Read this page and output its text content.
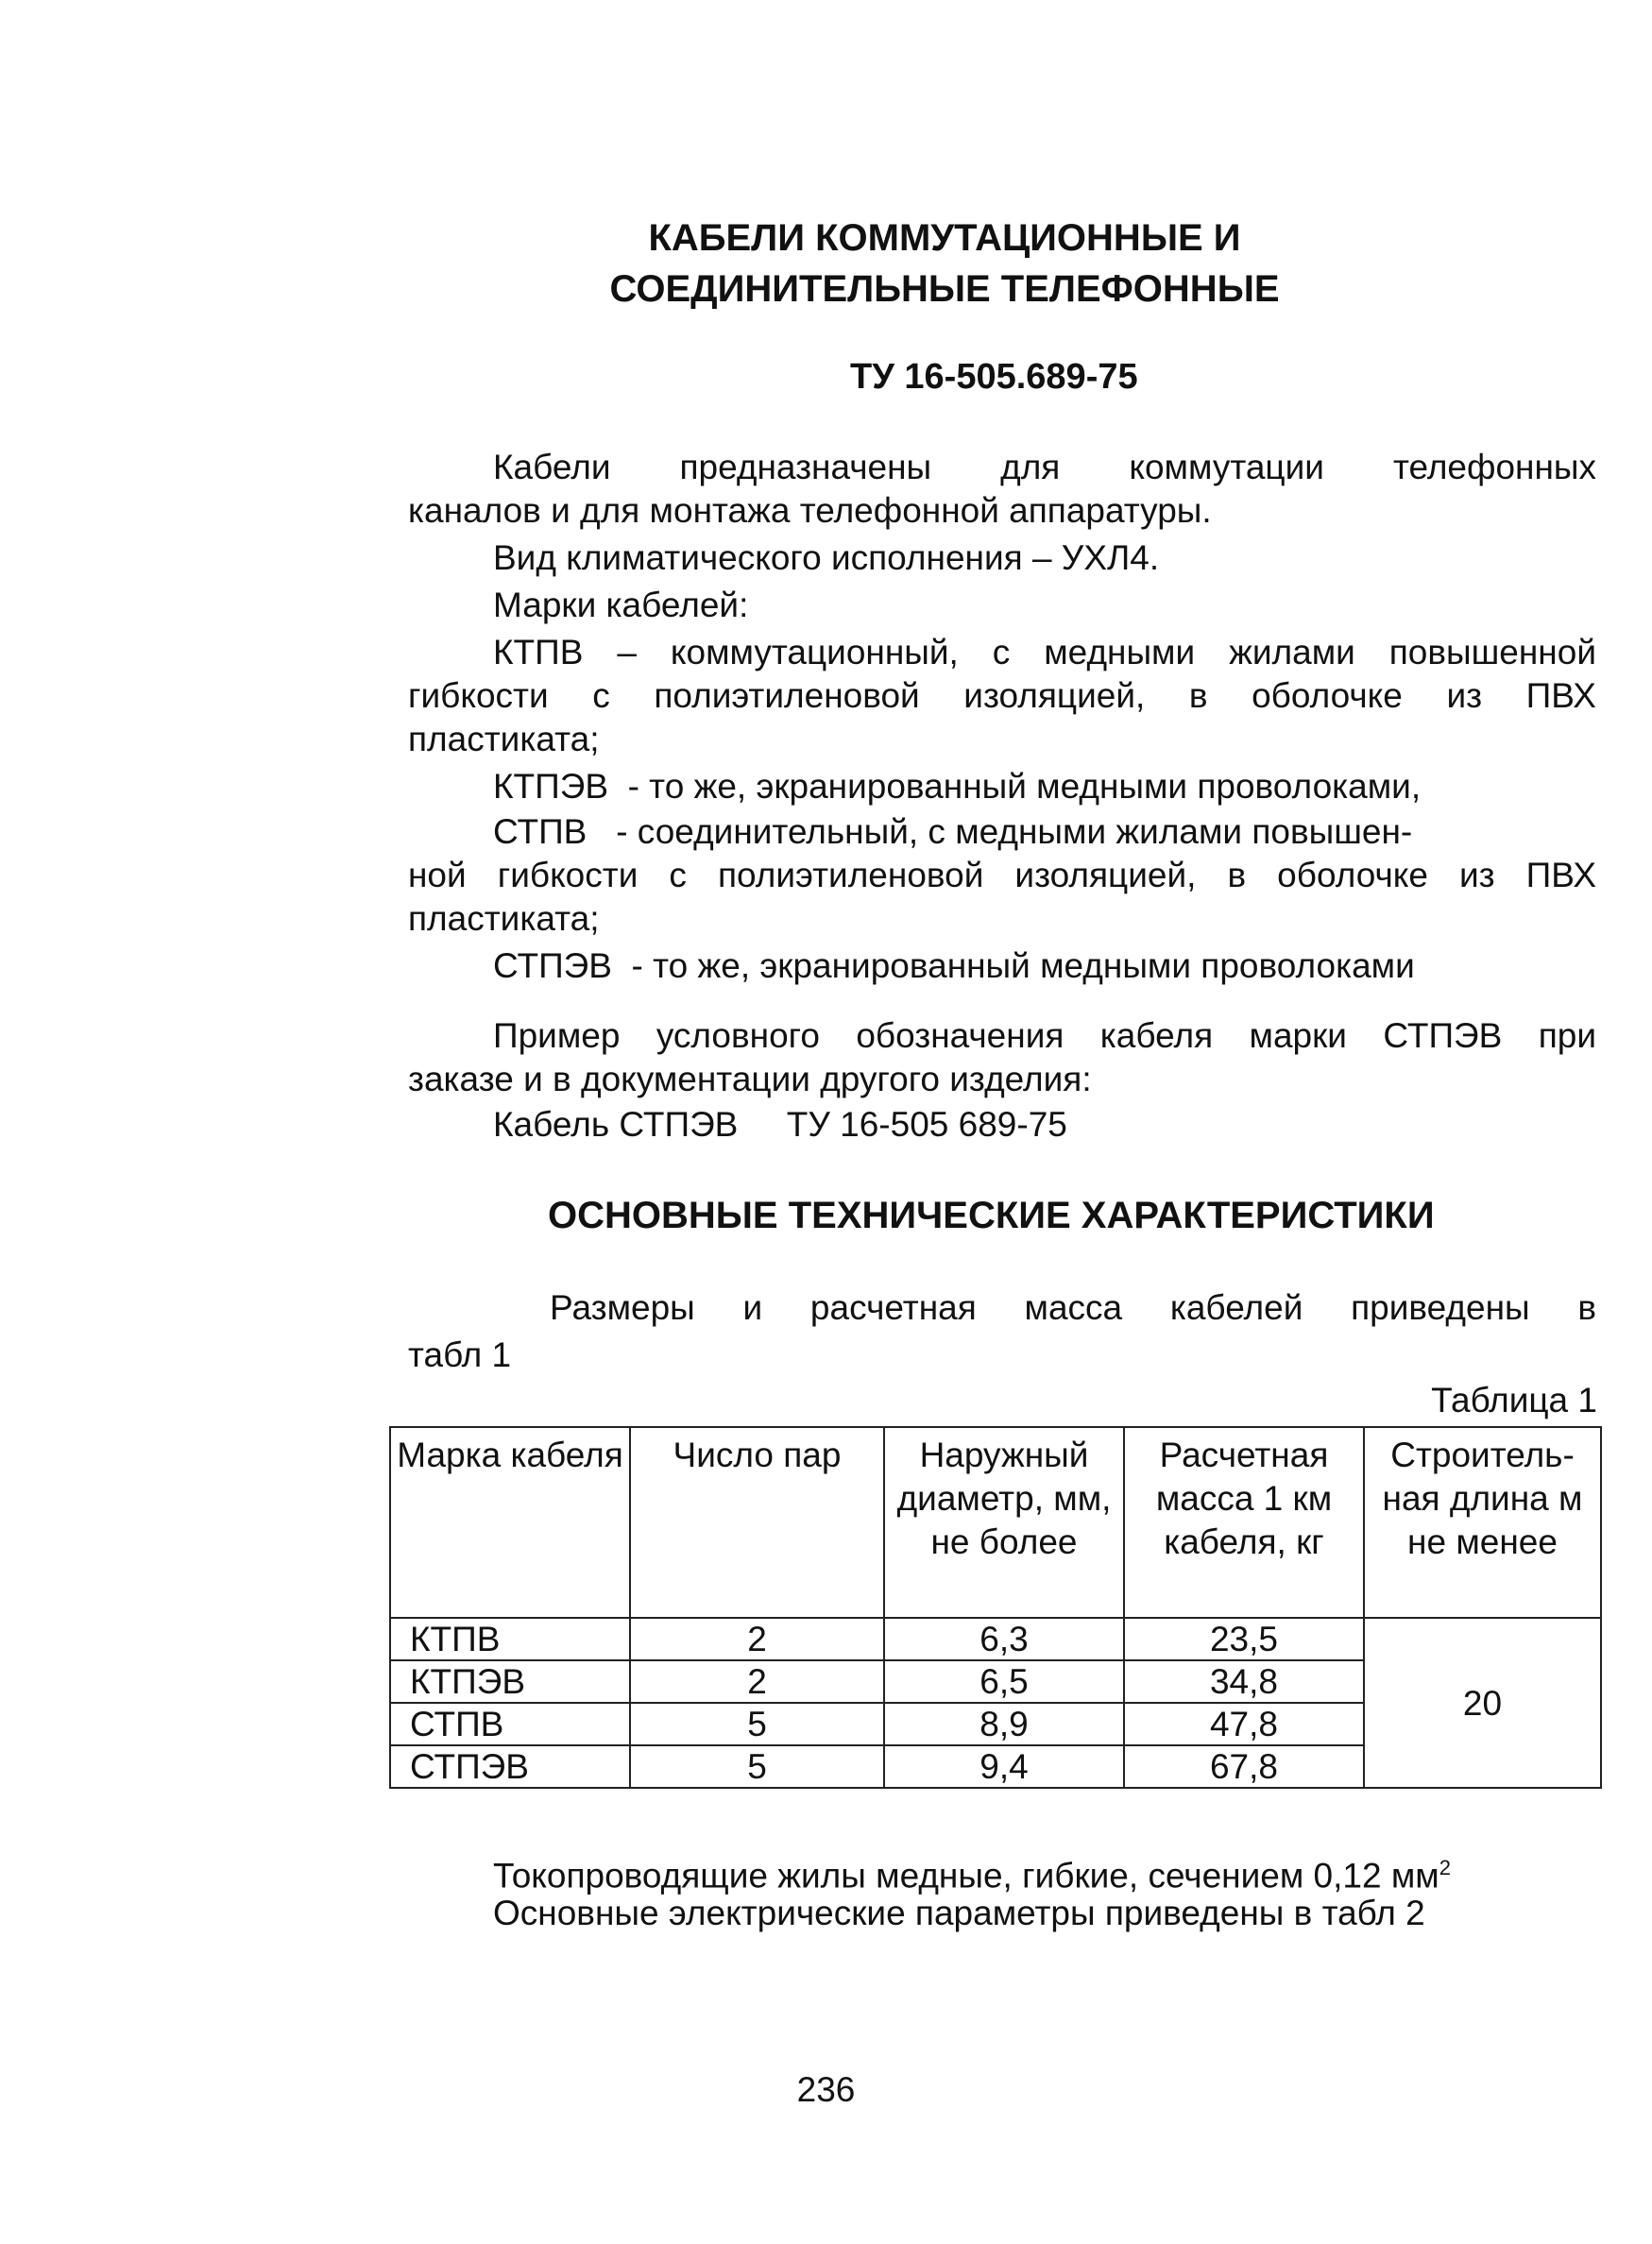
КАБЕЛИ КОММУТАЦИОННЫЕ И
СОЕДИНИТЕЛЬНЫЕ ТЕЛЕФОННЫЕ
ТУ 16-505.689-75
Кабели предназначены для коммутации телефонных
каналов и для монтажа телефонной аппаратуры.
Вид климатического исполнения – УХЛ4.
Марки кабелей:
КТПВ – коммутационный, с медными жилами повышенной
гибкости с полиэтиленовой изоляцией, в оболочке из ПВХ
пластиката;
КТПЭВ  - то же, экранированный медными проволоками,
СТПВ   - соединительный, с медными жилами повышен-
ной гибкости с полиэтиленовой изоляцией, в оболочке из ПВХ
пластиката;
СТПЭВ  - то же, экранированный медными проволоками
Пример условного обозначения кабеля марки СТПЭВ при
заказе и в документации другого изделия:
Кабель СТПЭВ     ТУ 16-505 689-75
ОСНОВНЫЕ ТЕХНИЧЕСКИЕ ХАРАКТЕРИСТИКИ
Размеры и расчетная масса кабелей приведены в
табл 1
Таблица 1
Марка кабеля	Число пар	Наружный диаметр, мм, не более	Расчетная масса 1 км кабеля, кг	Строитель-ная длина м не менее
КТПВ	2	6,3	23,5	20
КТПЭВ	2	6,5	34,8	
СТПВ	5	8,9	47,8	
СТПЭВ	5	9,4	67,8	
Токопроводящие жилы медные, гибкие, сечением 0,12 $мм^2$
Основные электрические параметры приведены в табл 2
236
